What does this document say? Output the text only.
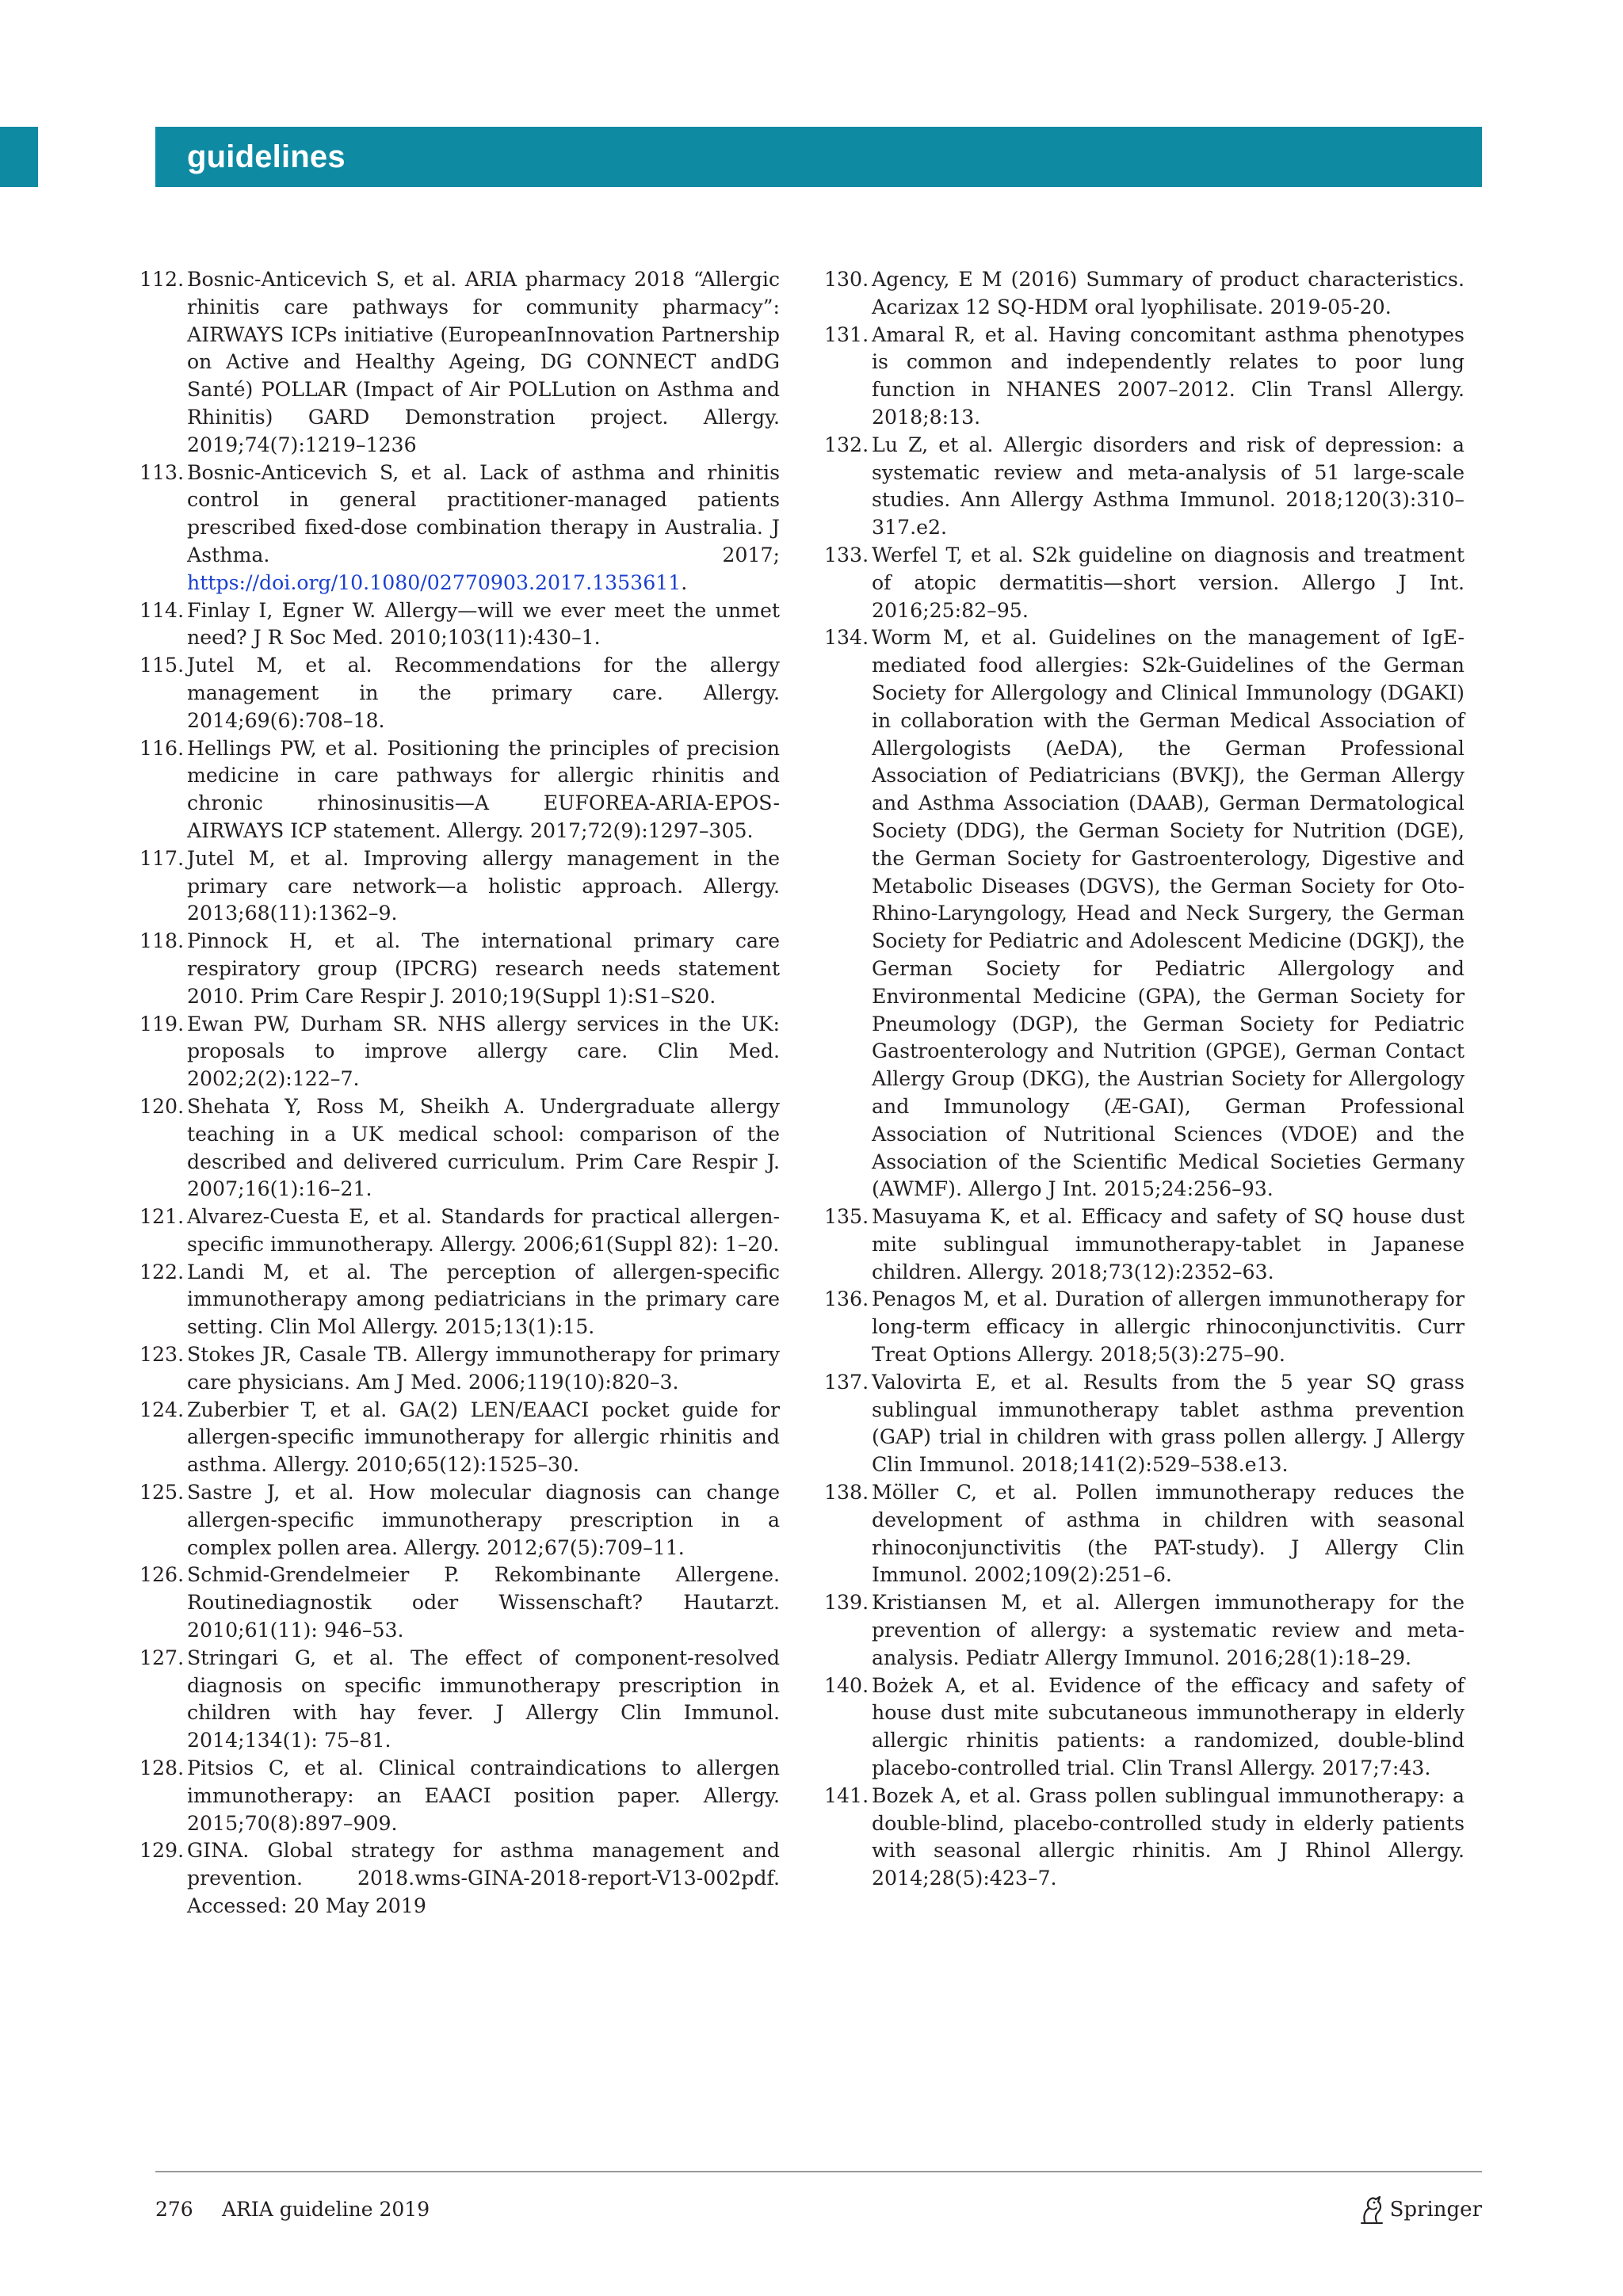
guidelines
112. Bosnic-Anticevich S, et al. ARIA pharmacy 2018 “Allergic rhinitis care pathways for community pharmacy”: AIRWAYS ICPs initiative (EuropeanInnovation Partnership on Active and Healthy Ageing, DG CONNECT andDG Santé) POLLAR (Impact of Air POLLution on Asthma and Rhinitis) GARD Demonstration project. Allergy. 2019;74(7):1219–1236
113. Bosnic-Anticevich S, et al. Lack of asthma and rhinitis control in general practitioner-managed patients prescribed fixed-dose combination therapy in Australia. J Asthma. 2017; https://doi.org/10.1080/02770903.2017.1353611.
114. Finlay I, Egner W. Allergy—will we ever meet the unmet need? J R Soc Med. 2010;103(11):430–1.
115. Jutel M, et al. Recommendations for the allergy management in the primary care. Allergy. 2014;69(6):708–18.
116. Hellings PW, et al. Positioning the principles of precision medicine in care pathways for allergic rhinitis and chronic rhinosinusitis—A EUFOREA-ARIA-EPOS-AIRWAYS ICP statement. Allergy. 2017;72(9):1297–305.
117. Jutel M, et al. Improving allergy management in the primary care network—a holistic approach. Allergy. 2013;68(11):1362–9.
118. Pinnock H, et al. The international primary care respiratory group (IPCRG) research needs statement 2010. Prim Care Respir J. 2010;19(Suppl 1):S1–S20.
119. Ewan PW, Durham SR. NHS allergy services in the UK: proposals to improve allergy care. Clin Med. 2002;2(2):122–7.
120. Shehata Y, Ross M, Sheikh A. Undergraduate allergy teaching in a UK medical school: comparison of the described and delivered curriculum. Prim Care Respir J. 2007;16(1):16–21.
121. Alvarez-Cuesta E, et al. Standards for practical allergen-specific immunotherapy. Allergy. 2006;61(Suppl 82): 1–20.
122. Landi M, et al. The perception of allergen-specific immunotherapy among pediatricians in the primary care setting. Clin Mol Allergy. 2015;13(1):15.
123. Stokes JR, Casale TB. Allergy immunotherapy for primary care physicians. Am J Med. 2006;119(10):820–3.
124. Zuberbier T, et al. GA(2) LEN/EAACI pocket guide for allergen-specific immunotherapy for allergic rhinitis and asthma. Allergy. 2010;65(12):1525–30.
125. Sastre J, et al. How molecular diagnosis can change allergen-specific immunotherapy prescription in a complex pollen area. Allergy. 2012;67(5):709–11.
126. Schmid-Grendelmeier P. Rekombinante Allergene. Routinediagnostik oder Wissenschaft? Hautarzt. 2010;61(11): 946–53.
127. Stringari G, et al. The effect of component-resolved diagnosis on specific immunotherapy prescription in children with hay fever. J Allergy Clin Immunol. 2014;134(1): 75–81.
128. Pitsios C, et al. Clinical contraindications to allergen immunotherapy: an EAACI position paper. Allergy. 2015;70(8):897–909.
129. GINA. Global strategy for asthma management and prevention. 2018.wms-GINA-2018-report-V13-002pdf. Accessed: 20 May 2019
130. Agency, E M (2016) Summary of product characteristics. Acarizax 12 SQ-HDM oral lyophilisate. 2019-05-20.
131. Amaral R, et al. Having concomitant asthma phenotypes is common and independently relates to poor lung function in NHANES 2007–2012. Clin Transl Allergy. 2018;8:13.
132. Lu Z, et al. Allergic disorders and risk of depression: a systematic review and meta-analysis of 51 large-scale studies. Ann Allergy Asthma Immunol. 2018;120(3):310–317.e2.
133. Werfel T, et al. S2k guideline on diagnosis and treatment of atopic dermatitis—short version. Allergo J Int. 2016;25:82–95.
134. Worm M, et al. Guidelines on the management of IgE-mediated food allergies: S2k-Guidelines of the German Society for Allergology and Clinical Immunology (DGAKI) in collaboration with the German Medical Association of Allergologists (AeDA), the German Professional Association of Pediatricians (BVKJ), the German Allergy and Asthma Association (DAAB), German Dermatological Society (DDG), the German Society for Nutrition (DGE), the German Society for Gastroenterology, Digestive and Metabolic Diseases (DGVS), the German Society for Oto-Rhino-Laryngology, Head and Neck Surgery, the German Society for Pediatric and Adolescent Medicine (DGKJ), the German Society for Pediatric Allergology and Environmental Medicine (GPA), the German Society for Pneumology (DGP), the German Society for Pediatric Gastroenterology and Nutrition (GPGE), German Contact Allergy Group (DKG), the Austrian Society for Allergology and Immunology (Æ-GAI), German Professional Association of Nutritional Sciences (VDOE) and the Association of the Scientific Medical Societies Germany (AWMF). Allergo J Int. 2015;24:256–93.
135. Masuyama K, et al. Efficacy and safety of SQ house dust mite sublingual immunotherapy-tablet in Japanese children. Allergy. 2018;73(12):2352–63.
136. Penagos M, et al. Duration of allergen immunotherapy for long-term efficacy in allergic rhinoconjunctivitis. Curr Treat Options Allergy. 2018;5(3):275–90.
137. Valovirta E, et al. Results from the 5 year SQ grass sublingual immunotherapy tablet asthma prevention (GAP) trial in children with grass pollen allergy. J Allergy Clin Immunol. 2018;141(2):529–538.e13.
138. Möller C, et al. Pollen immunotherapy reduces the development of asthma in children with seasonal rhinoconjunctivitis (the PAT-study). J Allergy Clin Immunol. 2002;109(2):251–6.
139. Kristiansen M, et al. Allergen immunotherapy for the prevention of allergy: a systematic review and meta-analysis. Pediatr Allergy Immunol. 2016;28(1):18–29.
140. Bożek A, et al. Evidence of the efficacy and safety of house dust mite subcutaneous immunotherapy in elderly allergic rhinitis patients: a randomized, double-blind placebo-controlled trial. Clin Transl Allergy. 2017;7:43.
141. Bozek A, et al. Grass pollen sublingual immunotherapy: a double-blind, placebo-controlled study in elderly patients with seasonal allergic rhinitis. Am J Rhinol Allergy. 2014;28(5):423–7.
276 ARIA guideline 2019	Springer
